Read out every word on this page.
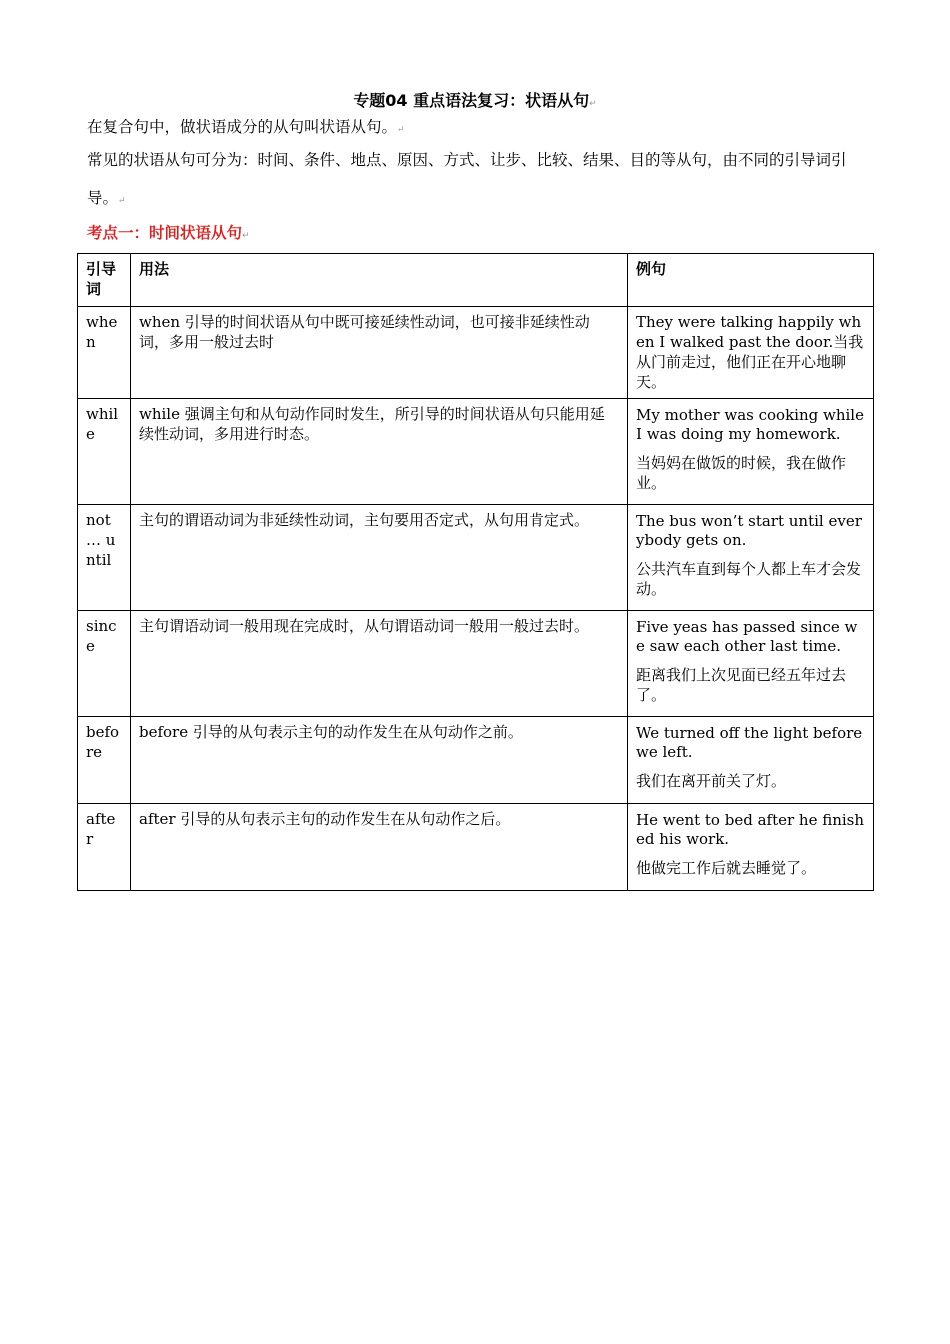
专题04 重点语法复习：状语从句↵
在复合句中，做状语成分的从句叫状语从句。↵
常见的状语从句可分为：时间、条件、地点、原因、方式、让步、比较、结果、目的等从句，由不同的引导词引导。↵
考点一：时间状语从句↵
引导词	用法	例句
when	when 引导的时间状语从句中既可接延续性动词，也可接非延续性动词，多用一般过去时	They were talking happily when I walked past the door.当我从门前走过，他们正在开心地聊天。
while	while 强调主句和从句动作同时发生，所引导的时间状语从句只能用延续性动词，多用进行时态。	My mother was cooking while I was doing my homework.
当妈妈在做饭的时候，我在做作业。

not … until	主句的谓语动词为非延续性动词，主句要用否定式，从句用肯定式。	The bus won’t start until everybody gets on.
公共汽车直到每个人都上车才会发动。

since	主句谓语动词一般用现在完成时，从句谓语动词一般用一般过去时。	Five yeas has passed since we saw each other last time.
距离我们上次见面已经五年过去了。

before	before 引导的从句表示主句的动作发生在从句动作之前。	We turned off the light before we left.
我们在离开前关了灯。

after	after 引导的从句表示主句的动作发生在从句动作之后。	He went to bed after he finished his work.
他做完工作后就去睡觉了。
